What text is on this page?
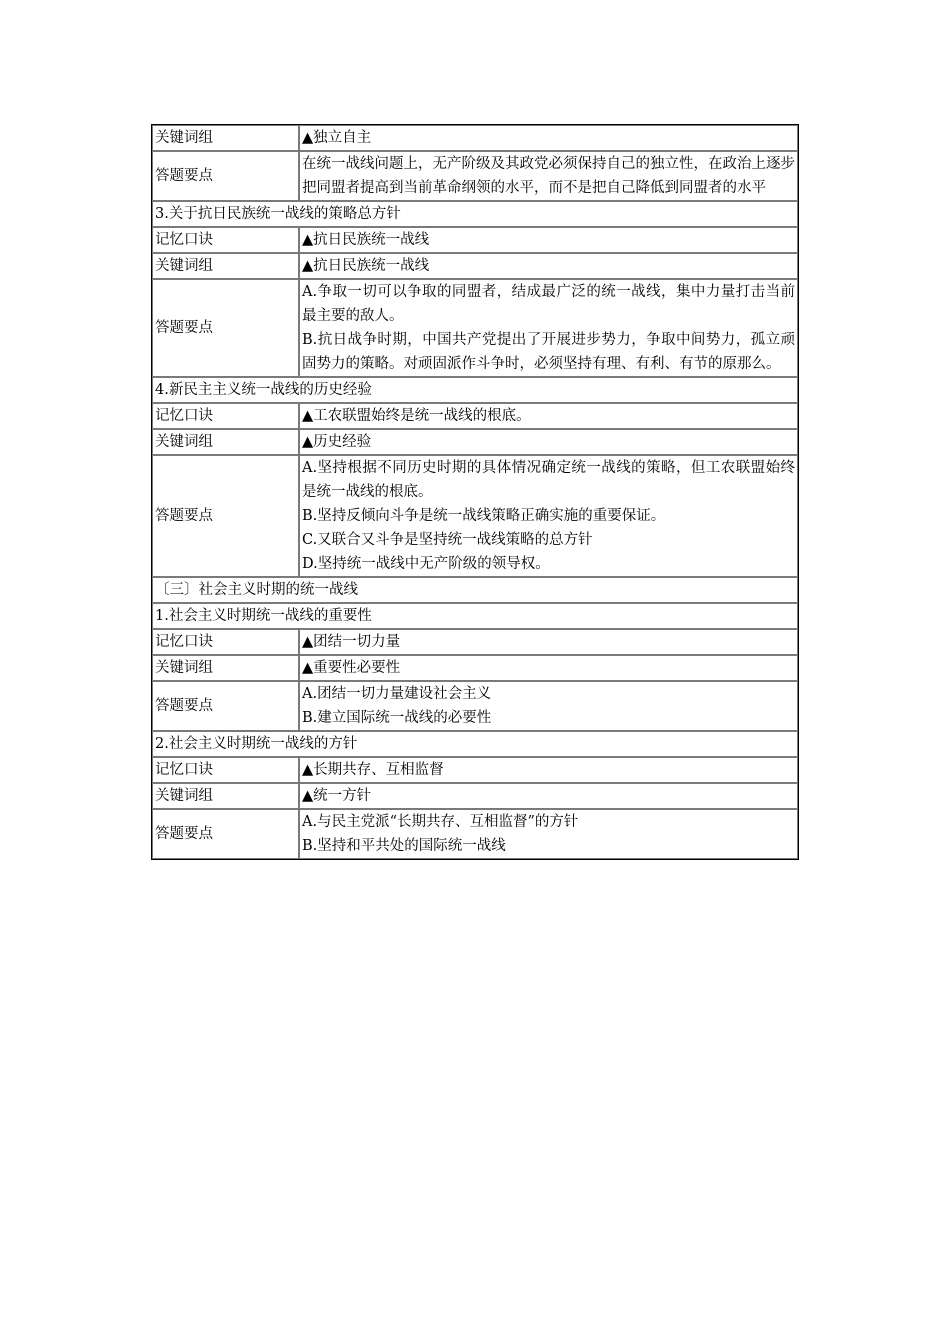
关键词组	▲独立自主

答题要点	在统一战线问题上，无产阶级及其政党必须保持自己的独立性，在政治上逐步把同盟者提高到当前革命纲领的水平，而不是把自己降低到同盟者的水平

3.关于抗日民族统一战线的策略总方针	
记忆口诀	▲抗日民族统一战线

关键词组	▲抗日民族统一战线

答题要点	A.争取一切可以争取的同盟者，结成最广泛的统一战线，集中力量打击当前最主要的敌人。
B.抗日战争时期，中国共产党提出了开展进步势力，争取中间势力，孤立顽固势力的策略。对顽固派作斗争时，必须坚持有理、有利、有节的原那么。

4.新民主主义统一战线的历史经验	
记忆口诀	▲工农联盟始终是统一战线的根底。

关键词组	▲历史经验

答题要点	A.坚持根据不同历史时期的具体情况确定统一战线的策略，但工农联盟始终是统一战线的根底。
B.坚持反倾向斗争是统一战线策略正确实施的重要保证。
C.又联合又斗争是坚持统一战线策略的总方针
D.坚持统一战线中无产阶级的领导权。

〔三〕社会主义时期的统一战线	
1.社会主义时期统一战线的重要性	
记忆口诀	▲团结一切力量

关键词组	▲重要性必要性

答题要点	A.团结一切力量建设社会主义
B.建立国际统一战线的必要性

2.社会主义时期统一战线的方针	
记忆口诀	▲长期共存、互相监督

关键词组	▲统一方针

答题要点	A.与民主党派“长期共存、互相监督”的方针
B.坚持和平共处的国际统一战线
